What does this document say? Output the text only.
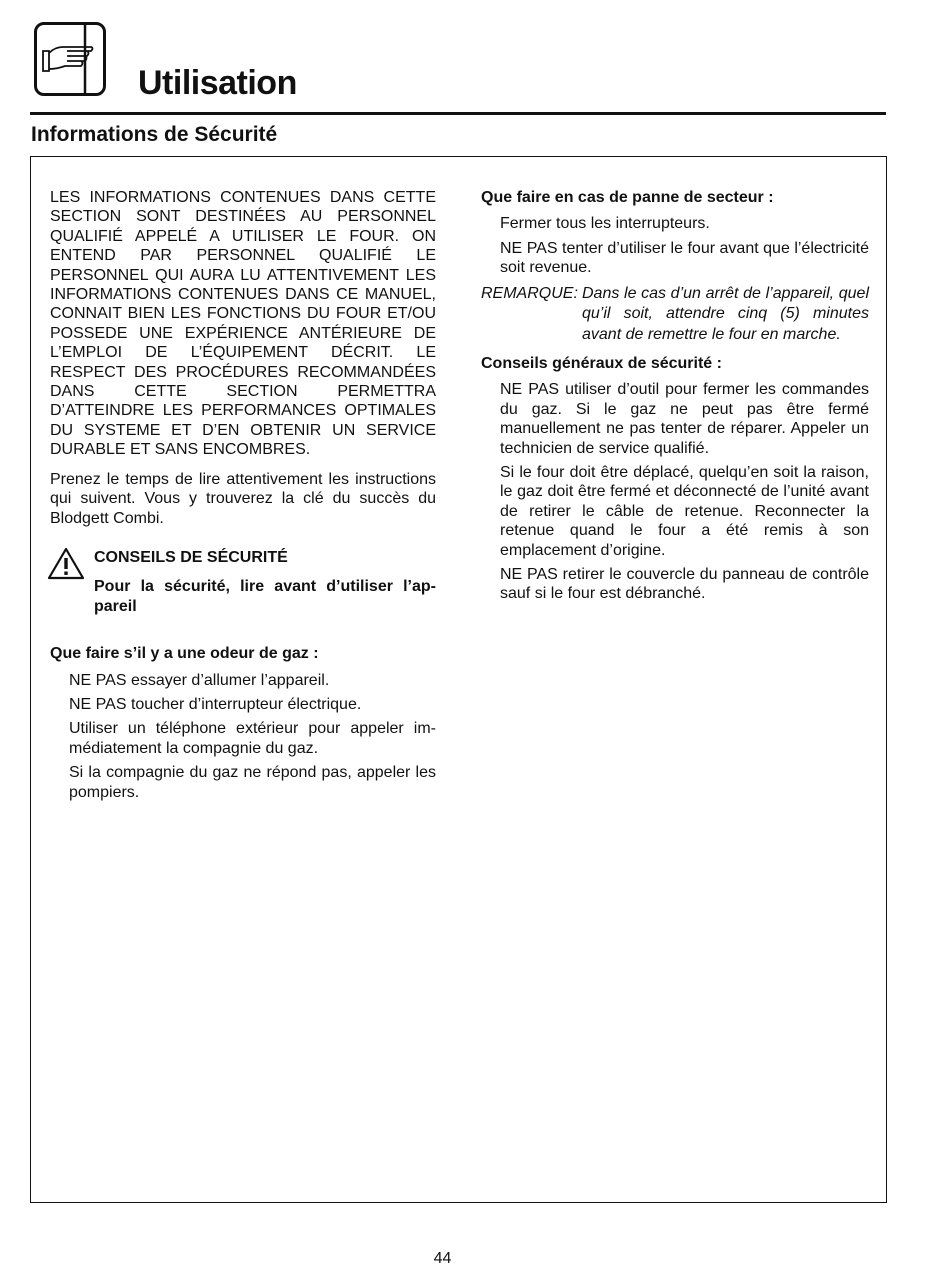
Utilisation
Informations de Sécurité

LES INFORMATIONS CONTENUES DANS CETTE SECTION SONT DESTINÉES AU PERSONNEL QUALIFIÉ APPELÉ A UTILISER LE FOUR. ON ENTEND PAR PERSONNEL QUALIFIÉ LE PERSONNEL QUI AURA LU ATTENTIVEMENT LES INFORMATIONS CONTENUES DANS CE MANUEL, CONNAIT BIEN LES FONCTIONS DU FOUR ET/OU POSSEDE UNE EXPÉRIENCE ANTÉRIEURE DE L’EMPLOI DE L’ÉQUIPEMENT DÉCRIT. LE RESPECT DES PROCÉDURES RECOMMANDÉES DANS CETTE SECTION PERMETTRA D’ATTEINDRE LES PERFORMANCES OPTIMALES DU SYSTEME ET D’EN OBTENIR UN SERVICE DURABLE ET SANS ENCOMBRES.

Prenez le temps de lire attentivement les instructions qui suivent. Vous y trouverez la clé du succès du Blodgett Combi.

CONSEILS DE SÉCURITÉ

Pour la sécurité, lire avant d’utiliser l’appareil

Que faire s’il y a une odeur de gaz :

NE PAS essayer d’allumer l’appareil.

NE PAS toucher d’interrupteur électrique.

Utiliser un téléphone extérieur pour appeler immédiatement la compagnie du gaz.

Si la compagnie du gaz ne répond pas, appeler les pompiers.

Que faire en cas de panne de secteur :

Fermer tous les interrupteurs.

NE PAS tenter d’utiliser le four avant que l’électricité soit revenue.

REMARQUE: Dans le cas d’un arrêt de l’appareil, quel qu’il soit, attendre cinq (5) minutes avant de remettre le four en marche.

Conseils généraux de sécurité :

NE PAS utiliser d’outil pour fermer les commandes du gaz. Si le gaz ne peut pas être fermé manuellement ne pas tenter de réparer. Appeler un technicien de service qualifié.

Si le four doit être déplacé, quelqu’en soit la raison, le gaz doit être fermé et déconnecté de l’unité avant de retirer le câble de retenue. Reconnecter la retenue quand le four a été remis à son emplacement d’origine.

NE PAS retirer le couvercle du panneau de contrôle sauf si le four est débranché.

44
